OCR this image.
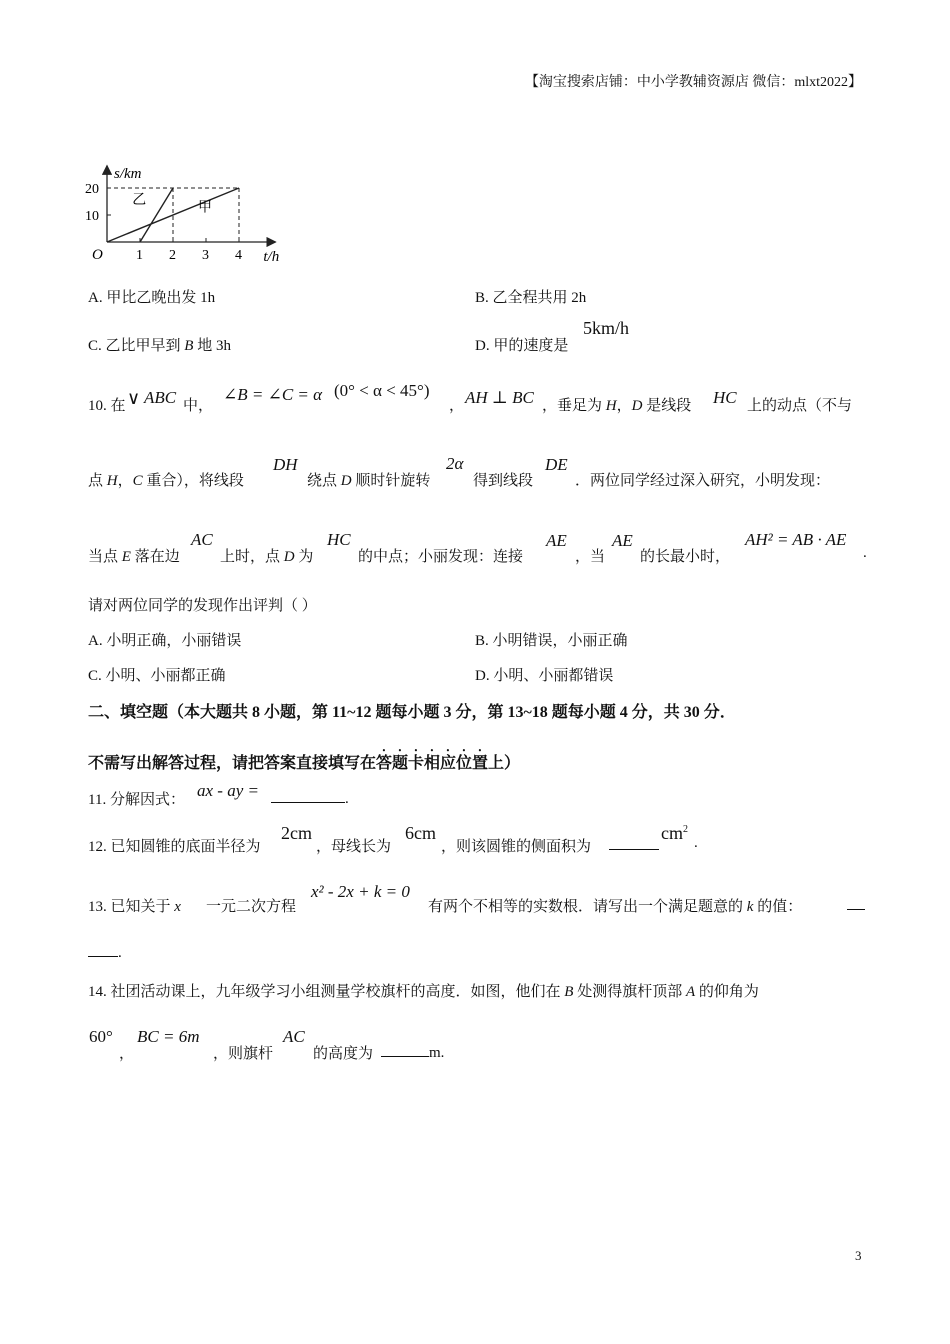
【淘宝搜索店铺：中小学教辅资源店 微信：mlxt2022】
t/h
s/km
O 1 2 3 4
10
20
甲
乙
A. 甲比乙晚出发 1h	B. 乙全程共用 2h
C. 乙比甲早到 B 地 3h	D. 甲的速度是
5km/h
10. 在 ∨ ABC 中，
∠B = ∠C = α (0° < α < 45°)
， AH ⊥ BC ，垂足为 H，D 是线段 HC 上的动点（不与
点 H，C 重合），将线段
DH
绕点 D 顺时针旋转
2α
得到线段
DE
．两位同学经过深入研究，小明发现：
当点 E 落在边
AC
上时，点 D 为
HC
的中点；小丽发现：连接
AE
，当
AE
的长最小时，
AH² = AB · AE
.
请对两位同学的发现作出评判（ ）
A. 小明正确，小丽错误	B. 小明错误，小丽正确
C. 小明、小丽都正确	D. 小明、小丽都错误
二、填空题（本大题共 8 小题，第 11~12 题每小题 3 分，第 13~18 题每小题 4 分，共 30 分．
不需写出解答过程，请把答案直接填写在答题卡相应位置上）
11. 分解因式： ax - ay =	.
12. 已知圆锥的底面半径为
2cm
，母线长为
6cm
，则该圆锥的侧面积为
$cm^2$
.
13. 已知关于 x 一元二次方程
x² - 2x + k = 0
有两个不相等的实数根．请写出一个满足题意的 k 的值：
.
14. 社团活动课上，九年级学习小组测量学校旗杆的高度．如图，他们在 B 处测得旗杆顶部 A 的仰角为
60°
，
BC = 6m
，则旗杆
AC
的高度为	m.
3
